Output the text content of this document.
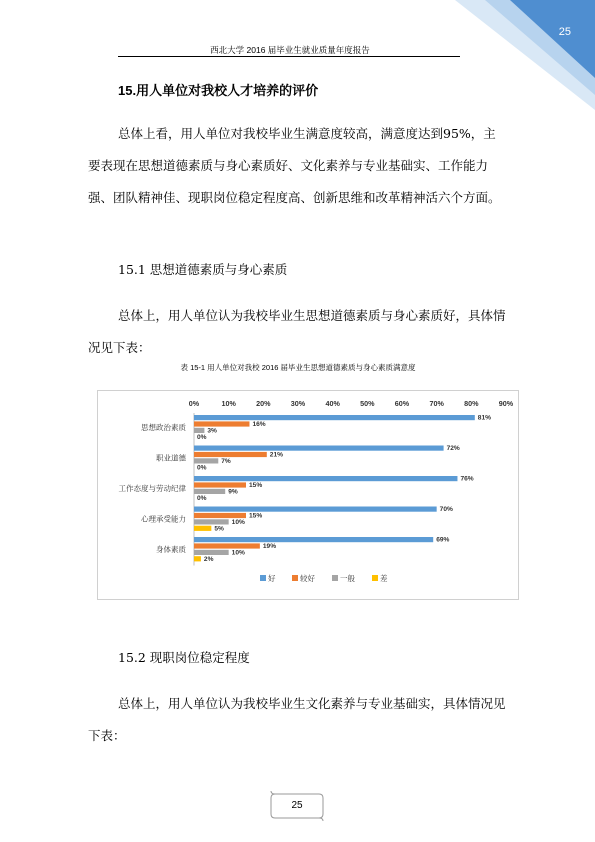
25
西北大学 2016 届毕业生就业质量年度报告
15.用人单位对我校人才培养的评价
总体上看，用人单位对我校毕业生满意度较高，满意度达到95%，主要表现在思想道德素质与身心素质好、文化素养与专业基础实、工作能力强、团队精神佳、现职岗位稳定程度高、创新思维和改革精神活六个方面。
15.1 思想道德素质与身心素质
总体上，用人单位认为我校毕业生思想道德素质与身心素质好，具体情况见下表：
表 15-1 用人单位对我校 2016 届毕业生思想道德素质与身心素质满意度
0%	10%	20%	30%	40%	50%	60%	70%	80%	90%
思想政治素质
81%
16%
3%
0%
职业道德
72%
21%
7%
0%
工作态度与劳动纪律
76%
15%
9%
0%
心理承受能力
70%
15%
10%
5%
身体素质
69%
19%
10%
2%
好	较好	一般	差
15.2 现职岗位稳定程度
总体上，用人单位认为我校毕业生文化素养与专业基础实，具体情况见下表：
25
